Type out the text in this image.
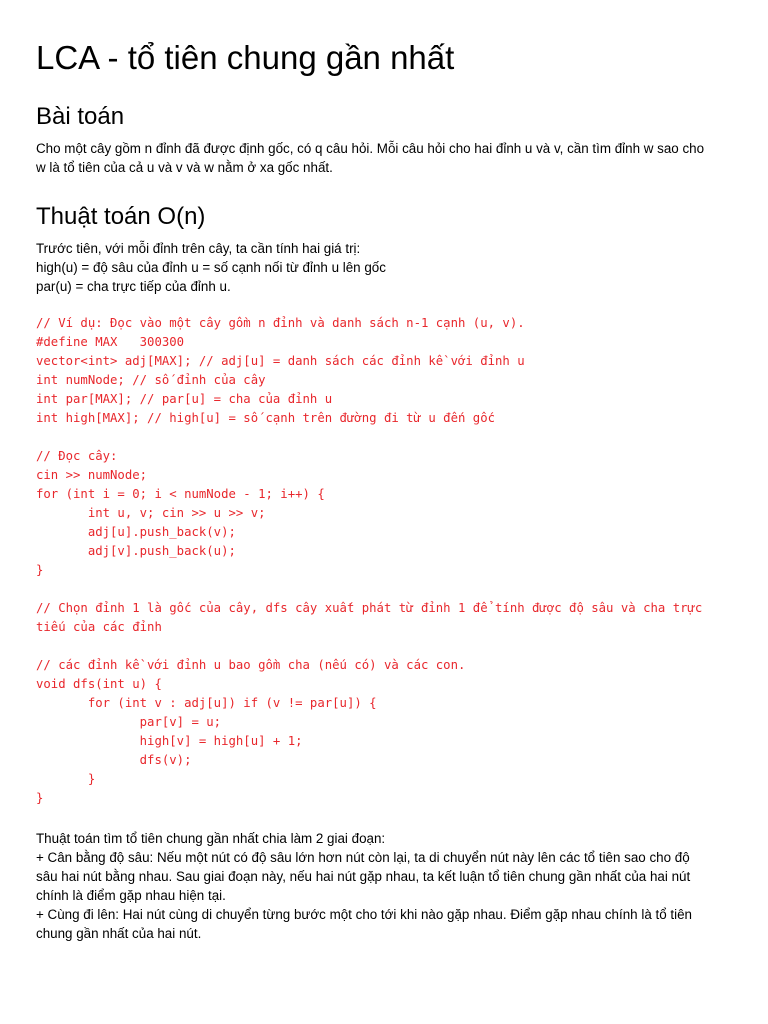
LCA - tổ tiên chung gần nhất
Bài toán
Cho một cây gồm n đỉnh đã được định gốc, có q câu hỏi. Mỗi câu hỏi cho hai đỉnh u và v, cần tìm đỉnh w sao cho
w là tổ tiên của cả u và v và w nằm ở xa gốc nhất.
Thuật toán O(n)
Trước tiên, với mỗi đỉnh trên cây, ta cần tính hai giá trị:
high(u) = độ sâu của đỉnh u = số cạnh nối từ đỉnh u lên gốc
par(u) = cha trực tiếp của đỉnh u.
// Ví dụ: Đọc vào một cây gồm n đỉnh và danh sách n-1 cạnh (u, v).
#define MAX   300300
vector<int> adj[MAX]; // adj[u] = danh sách các đỉnh kề với đỉnh u
int numNode; // số đỉnh của cây
int par[MAX]; // par[u] = cha của đỉnh u
int high[MAX]; // high[u] = số cạnh trên đường đi từ u đến gốc
// Đọc cây:
cin >> numNode;
for (int i = 0; i < numNode - 1; i++) {
int u, v; cin >> u >> v;
adj[u].push_back(v);
adj[v].push_back(u);
}
// Chọn đỉnh 1 là gốc của cây, dfs cây xuất phát từ đỉnh 1 để tính được độ sâu và cha trực
tiếu của các đỉnh
// các đỉnh kề với đỉnh u bao gồm cha (nếu có) và các con.
void dfs(int u) {
for (int v : adj[u]) if (v != par[u]) {
par[v] = u;
high[v] = high[u] + 1;
dfs(v);
}
}
Thuật toán tìm tổ tiên chung gần nhất chia làm 2 giai đoạn:
+ Cân bằng độ sâu: Nếu một nút có độ sâu lớn hơn nút còn lại, ta di chuyển nút này lên các tổ tiên sao cho độ
sâu hai nút bằng nhau. Sau giai đoạn này, nếu hai nút gặp nhau, ta kết luận tổ tiên chung gần nhất của hai nút
chính là điểm gặp nhau hiện tại.
+ Cùng đi lên: Hai nút cùng di chuyển từng bước một cho tới khi nào gặp nhau. Điểm gặp nhau chính là tổ tiên
chung gần nhất của hai nút.
